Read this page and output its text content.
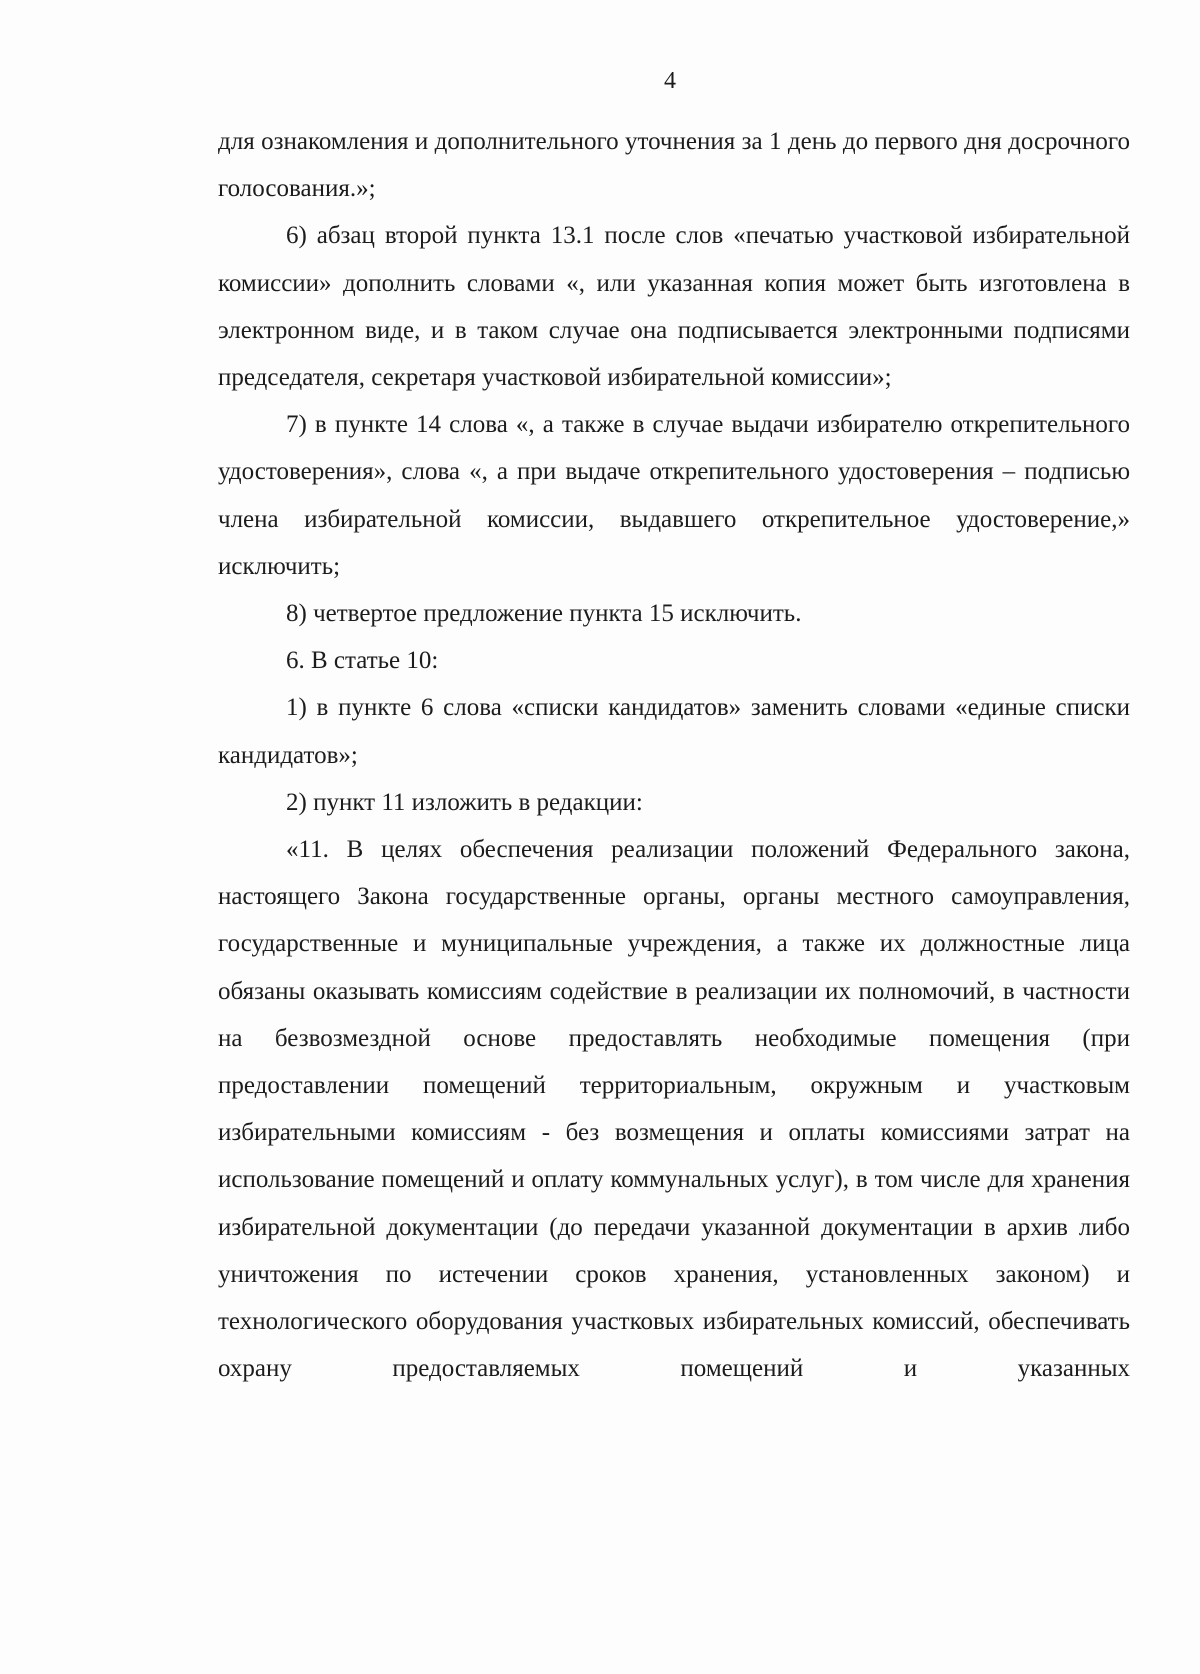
4

для ознакомления и дополнительного уточнения за 1 день до первого дня досрочного голосования.»;

6) абзац второй пункта 13.1 после слов «печатью участковой избирательной комиссии» дополнить словами «, или указанная копия может быть изготовлена в электронном виде, и в таком случае она подписывается электронными подписями председателя, секретаря участковой избирательной комиссии»;

7) в пункте 14 слова «, а также в случае выдачи избирателю открепительного удостоверения», слова «, а при выдаче открепительного удостоверения – подписью члена избирательной комиссии, выдавшего открепительное удостоверение,» исключить;

8) четвертое предложение пункта 15 исключить.

6. В статье 10:

1) в пункте 6 слова «списки кандидатов» заменить словами «единые списки кандидатов»;

2) пункт 11 изложить в редакции:

«11. В целях обеспечения реализации положений Федерального закона, настоящего Закона государственные органы, органы местного самоуправления, государственные и муниципальные учреждения, а также их должностные лица обязаны оказывать комиссиям содействие в реализации их полномочий, в частности на безвозмездной основе предоставлять необходимые помещения (при предоставлении помещений территориальным, окружным и участковым избирательными комиссиям - без возмещения и оплаты комиссиями затрат на использование помещений и оплату коммунальных услуг), в том числе для хранения избирательной документации (до передачи указанной документации в архив либо уничтожения по истечении сроков хранения, установленных законом) и технологического оборудования участковых избирательных комиссий, обеспечивать охрану предоставляемых помещений и указанных
